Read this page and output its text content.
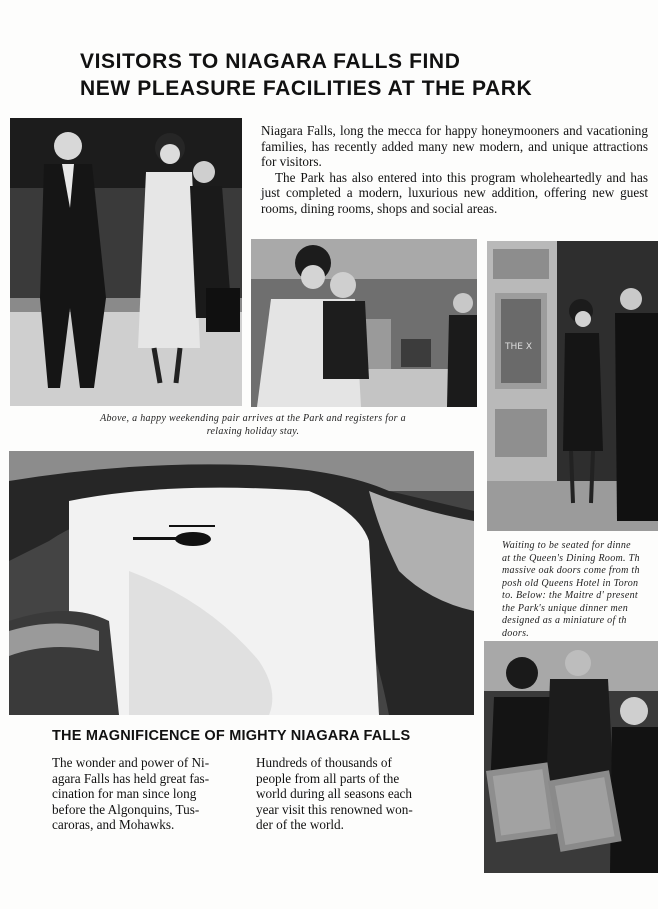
VISITORS TO NIAGARA FALLS FIND
NEW PLEASURE FACILITIES AT THE PARK

Niagara Falls, long the mecca for happy honeymooners and vacationing families, has recently added many new modern, and unique attractions for visitors.

The Park has also entered into this program wholeheartedly and has just completed a modern, luxurious new addition, offering new guest rooms, dining rooms, shops and social areas.

Above, a happy weekending pair arrives at the Park and registers for a relaxing holiday stay.

THE X
Waiting to be seated for dinne
at the Queen's Dining Room. Th
massive oak doors come from th
posh old Queens Hotel in Toron
to. Below: the Maitre d' present
the Park's unique dinner men
designed as a miniature of th
doors.
THE MAGNIFICENCE OF MIGHTY NIAGARA FALLS

The wonder and power of Ni-
agara Falls has held great fas-
cination for man since long
before the Algonquins, Tus-
caroras, and Mohawks.

Hundreds of thousands of
people from all parts of the
world during all seasons each
year visit this renowned won-
der of the world.
